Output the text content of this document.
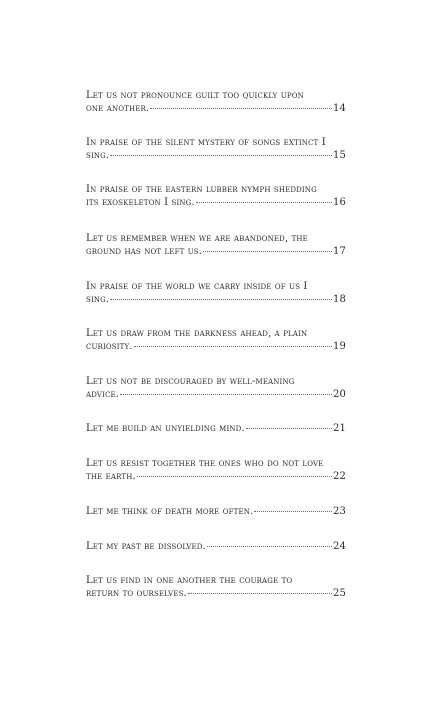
Let us not pronounce guilt too quickly upon
one another.	14
In praise of the silent mystery of songs extinct I
sing.	15
In praise of the eastern lubber nymph shedding
its exoskeleton I sing.	16
Let us remember when we are abandoned, the
ground has not left us.	17
In praise of the world we carry inside of us I
sing.	18
Let us draw from the darkness ahead, a plain
curiosity.	19
Let us not be discouraged by well-meaning
advice.	20
Let me build an unyielding mind.	21
Let us resist together the ones who do not love
the earth.	22
Let me think of death more often.	23
Let my past be dissolved.	24
Let us find in one another the courage to
return to ourselves.	25
